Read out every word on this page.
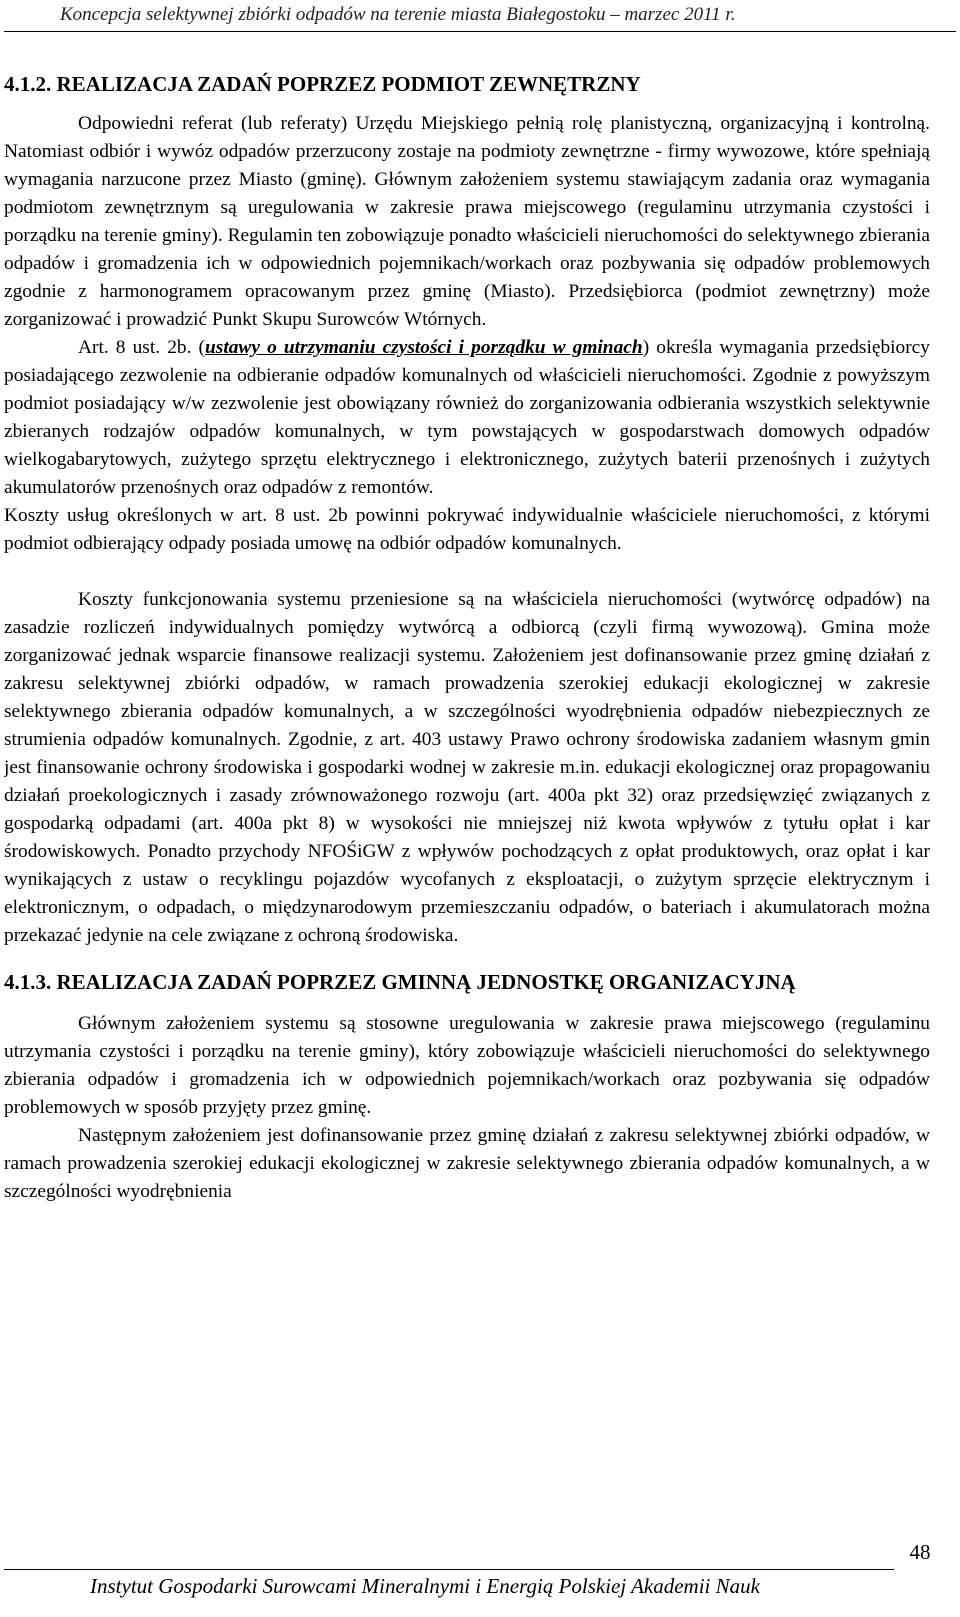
Koncepcja selektywnej zbiórki odpadów na terenie miasta Białegostoku – marzec 2011 r.
4.1.2. REALIZACJA ZADAŃ POPRZEZ PODMIOT ZEWNĘTRZNY

Odpowiedni referat (lub referaty) Urzędu Miejskiego pełnią rolę planistyczną, organizacyjną i kontrolną. Natomiast odbiór i wywóz odpadów przerzucony zostaje na podmioty zewnętrzne - firmy wywozowe, które spełniają wymagania narzucone przez Miasto (gminę). Głównym założeniem systemu stawiającym zadania oraz wymagania podmiotom zewnętrznym są uregulowania w zakresie prawa miejscowego (regulaminu utrzymania czystości i porządku na terenie gminy). Regulamin ten zobowiązuje ponadto właścicieli nieruchomości do selektywnego zbierania odpadów i gromadzenia ich w odpowiednich pojemnikach/workach oraz pozbywania się odpadów problemowych zgodnie z harmonogramem opracowanym przez gminę (Miasto). Przedsiębiorca (podmiot zewnętrzny) może zorganizować i prowadzić Punkt Skupu Surowców Wtórnych.

Art. 8 ust. 2b. (ustawy o utrzymaniu czystości i porządku w gminach) określa wymagania przedsiębiorcy posiadającego zezwolenie na odbieranie odpadów komunalnych od właścicieli nieruchomości. Zgodnie z powyższym podmiot posiadający w/w zezwolenie jest obowiązany również do zorganizowania odbierania wszystkich selektywnie zbieranych rodzajów odpadów komunalnych, w tym powstających w gospodarstwach domowych odpadów wielkogabarytowych, zużytego sprzętu elektrycznego i elektronicznego, zużytych baterii przenośnych i zużytych akumulatorów przenośnych oraz odpadów z remontów.

Koszty usług określonych w art. 8 ust. 2b powinni pokrywać indywidualnie właściciele nieruchomości, z którymi podmiot odbierający odpady posiada umowę na odbiór odpadów komunalnych.

Koszty funkcjonowania systemu przeniesione są na właściciela nieruchomości (wytwórcę odpadów) na zasadzie rozliczeń indywidualnych pomiędzy wytwórcą a odbiorcą (czyli firmą wywozową). Gmina może zorganizować jednak wsparcie finansowe realizacji systemu. Założeniem jest dofinansowanie przez gminę działań z zakresu selektywnej zbiórki odpadów, w ramach prowadzenia szerokiej edukacji ekologicznej w zakresie selektywnego zbierania odpadów komunalnych, a w szczególności wyodrębnienia odpadów niebezpiecznych ze strumienia odpadów komunalnych. Zgodnie, z art. 403 ustawy Prawo ochrony środowiska zadaniem własnym gmin jest finansowanie ochrony środowiska i gospodarki wodnej w zakresie m.in. edukacji ekologicznej oraz propagowaniu działań proekologicznych i zasady zrównoważonego rozwoju (art. 400a pkt 32) oraz przedsięwzięć związanych z gospodarką odpadami (art. 400a pkt 8) w wysokości nie mniejszej niż kwota wpływów z tytułu opłat i kar środowiskowych. Ponadto przychody NFOŚiGW z wpływów pochodzących z opłat produktowych, oraz opłat i kar wynikających z ustaw o recyklingu pojazdów wycofanych z eksploatacji, o zużytym sprzęcie elektrycznym i elektronicznym, o odpadach, o międzynarodowym przemieszczaniu odpadów, o bateriach i akumulatorach można przekazać jedynie na cele związane z ochroną środowiska.

4.1.3. REALIZACJA ZADAŃ POPRZEZ GMINNĄ JEDNOSTKĘ ORGANIZACYJNĄ

Głównym założeniem systemu są stosowne uregulowania w zakresie prawa miejscowego (regulaminu utrzymania czystości i porządku na terenie gminy), który zobowiązuje właścicieli nieruchomości do selektywnego zbierania odpadów i gromadzenia ich w odpowiednich pojemnikach/workach oraz pozbywania się odpadów problemowych w sposób przyjęty przez gminę.

Następnym założeniem jest dofinansowanie przez gminę działań z zakresu selektywnej zbiórki odpadów, w ramach prowadzenia szerokiej edukacji ekologicznej w zakresie selektywnego zbierania odpadów komunalnych, a w szczególności wyodrębnienia

48
Instytut Gospodarki Surowcami Mineralnymi i Energią Polskiej Akademii Nauk
